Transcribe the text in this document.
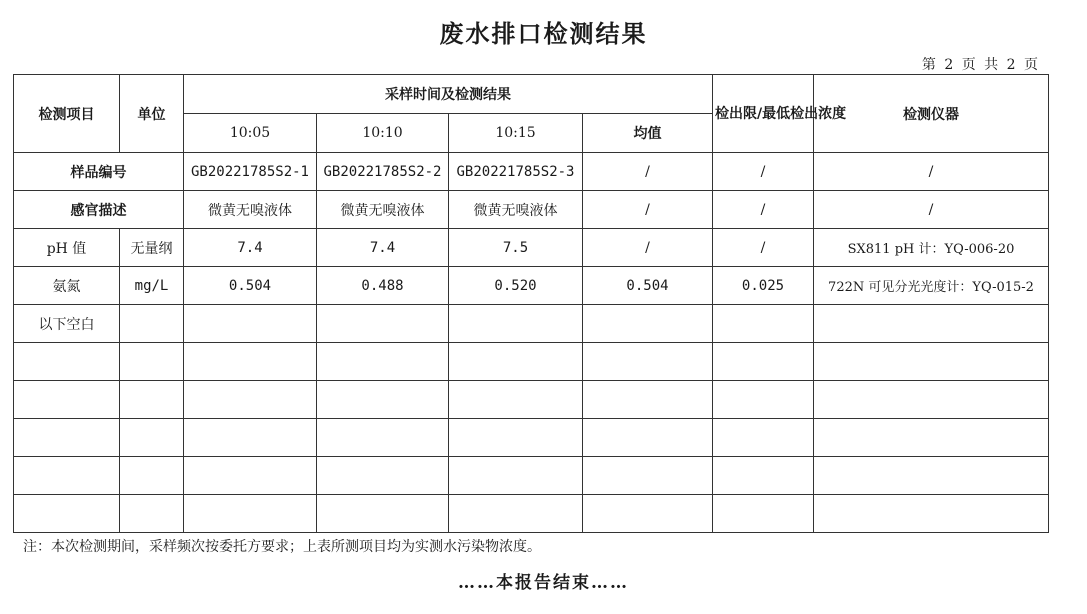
废水排口检测结果
第 2 页 共 2 页
检测项目	单位	采样时间及检测结果				检出限/最低检出浓度	检测仪器
		10:05	10:10	10:15	均值		
样品编号		GB20221785S2-1	GB20221785S2-2	GB20221785S2-3	/	/	/
感官描述		微黄无嗅液体	微黄无嗅液体	微黄无嗅液体	/	/	/
pH 值	无量纲	7.4	7.4	7.5	/	/	SX811 pH 计：YQ-006-20
氨氮	mg/L	0.504	0.488	0.520	0.504	0.025	722N 可见分光光度计：YQ-015-2
以下空白							

注：本次检测期间，采样频次按委托方要求；上表所测项目均为实测水污染物浓度。
……本报告结束……
